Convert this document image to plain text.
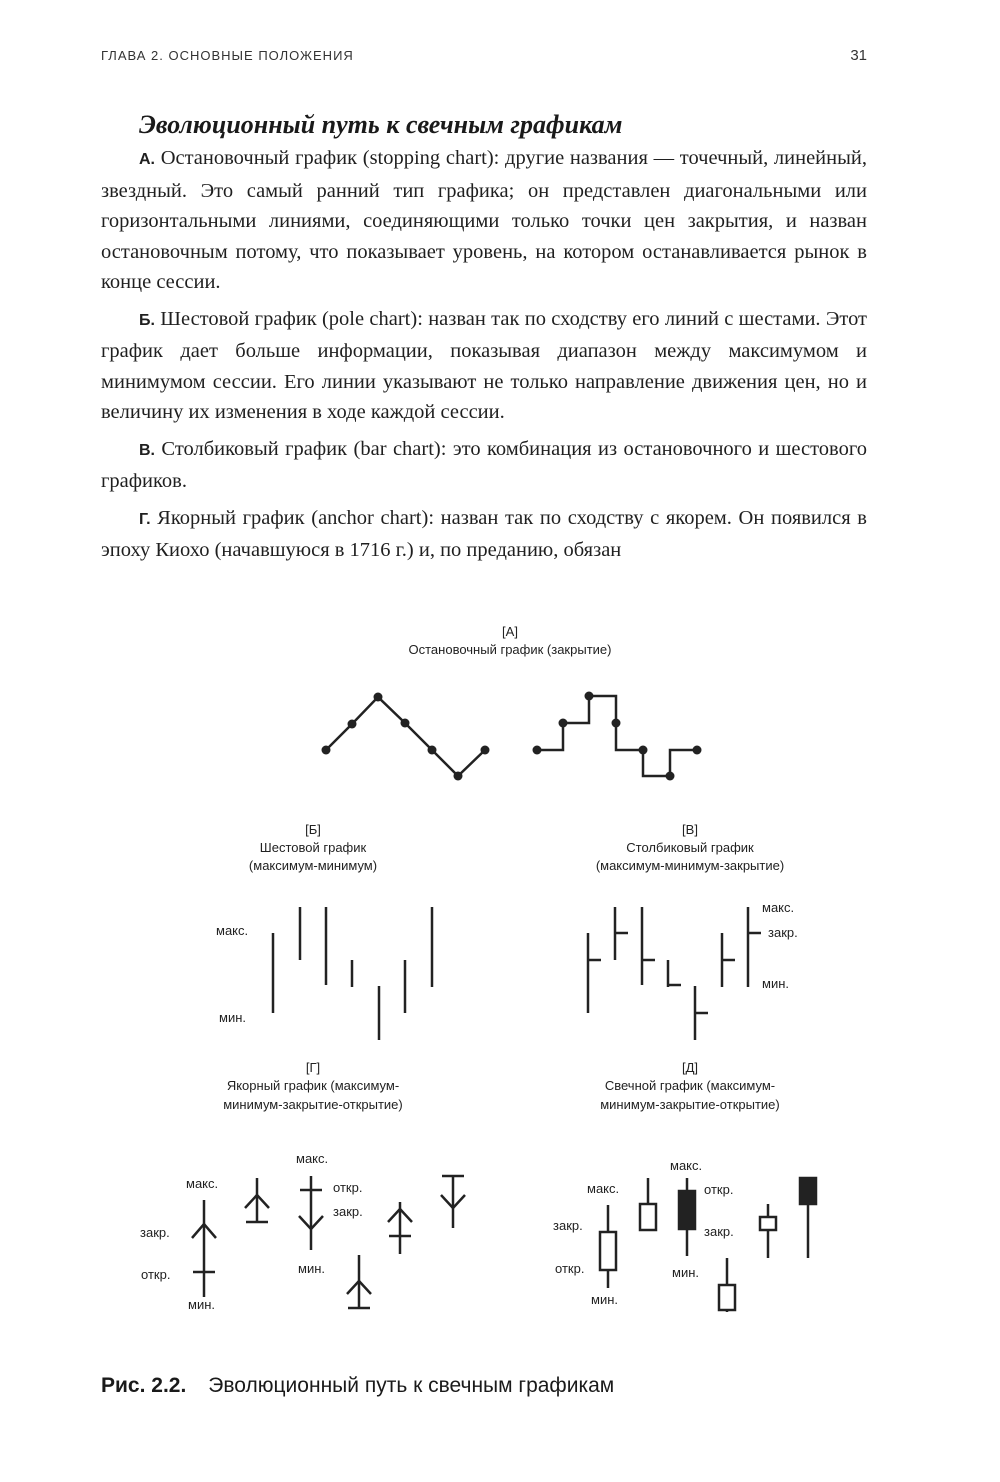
ГЛАВА 2. ОСНОВНЫЕ ПОЛОЖЕНИЯ	31
Эволюционный путь к свечным графикам

А. Остановочный график (stopping chart): другие названия — точечный, линейный, звездный. Это самый ранний тип графика; он представлен диагональными или горизонтальными линиями, соединяющими только точки цен закрытия, и назван остановочным потому, что показывает уровень, на котором останавливается рынок в конце сессии.

Б. Шестовой график (pole chart): назван так по сходству его линий с шестами. Этот график дает больше информации, показывая диапазон между максимумом и минимумом сессии. Его линии указывают не только направление движения цен, но и величину их изменения в ходе каждой сессии.

В. Столбиковый график (bar chart): это комбинация из остановочного и шестового графиков.

Г. Якорный график (anchor chart): назван так по сходству с якорем. Он появился в эпоху Киохо (начавшуюся в 1716 г.) и, по преданию, обязан

[А]
Остановочный график (закрытие)
[Б]
Шестовой график
(максимум-минимум)
макс.
мин.
[В]
Столбиковый график
(максимум-минимум-закрытие)
макс.
закр.
мин.
[Г]
Якорный график (максимум-
минимум-закрытие-открытие)
макс.
закр.
откр.
мин.
макс.
откр.
закр.
мин.
[Д]
Свечной график (максимум-
минимум-закрытие-открытие)
макс.
закр.
откр.
мин.
макс.
откр.
закр.
мин.
Рис. 2.2. Эволюционный путь к свечным графикам
